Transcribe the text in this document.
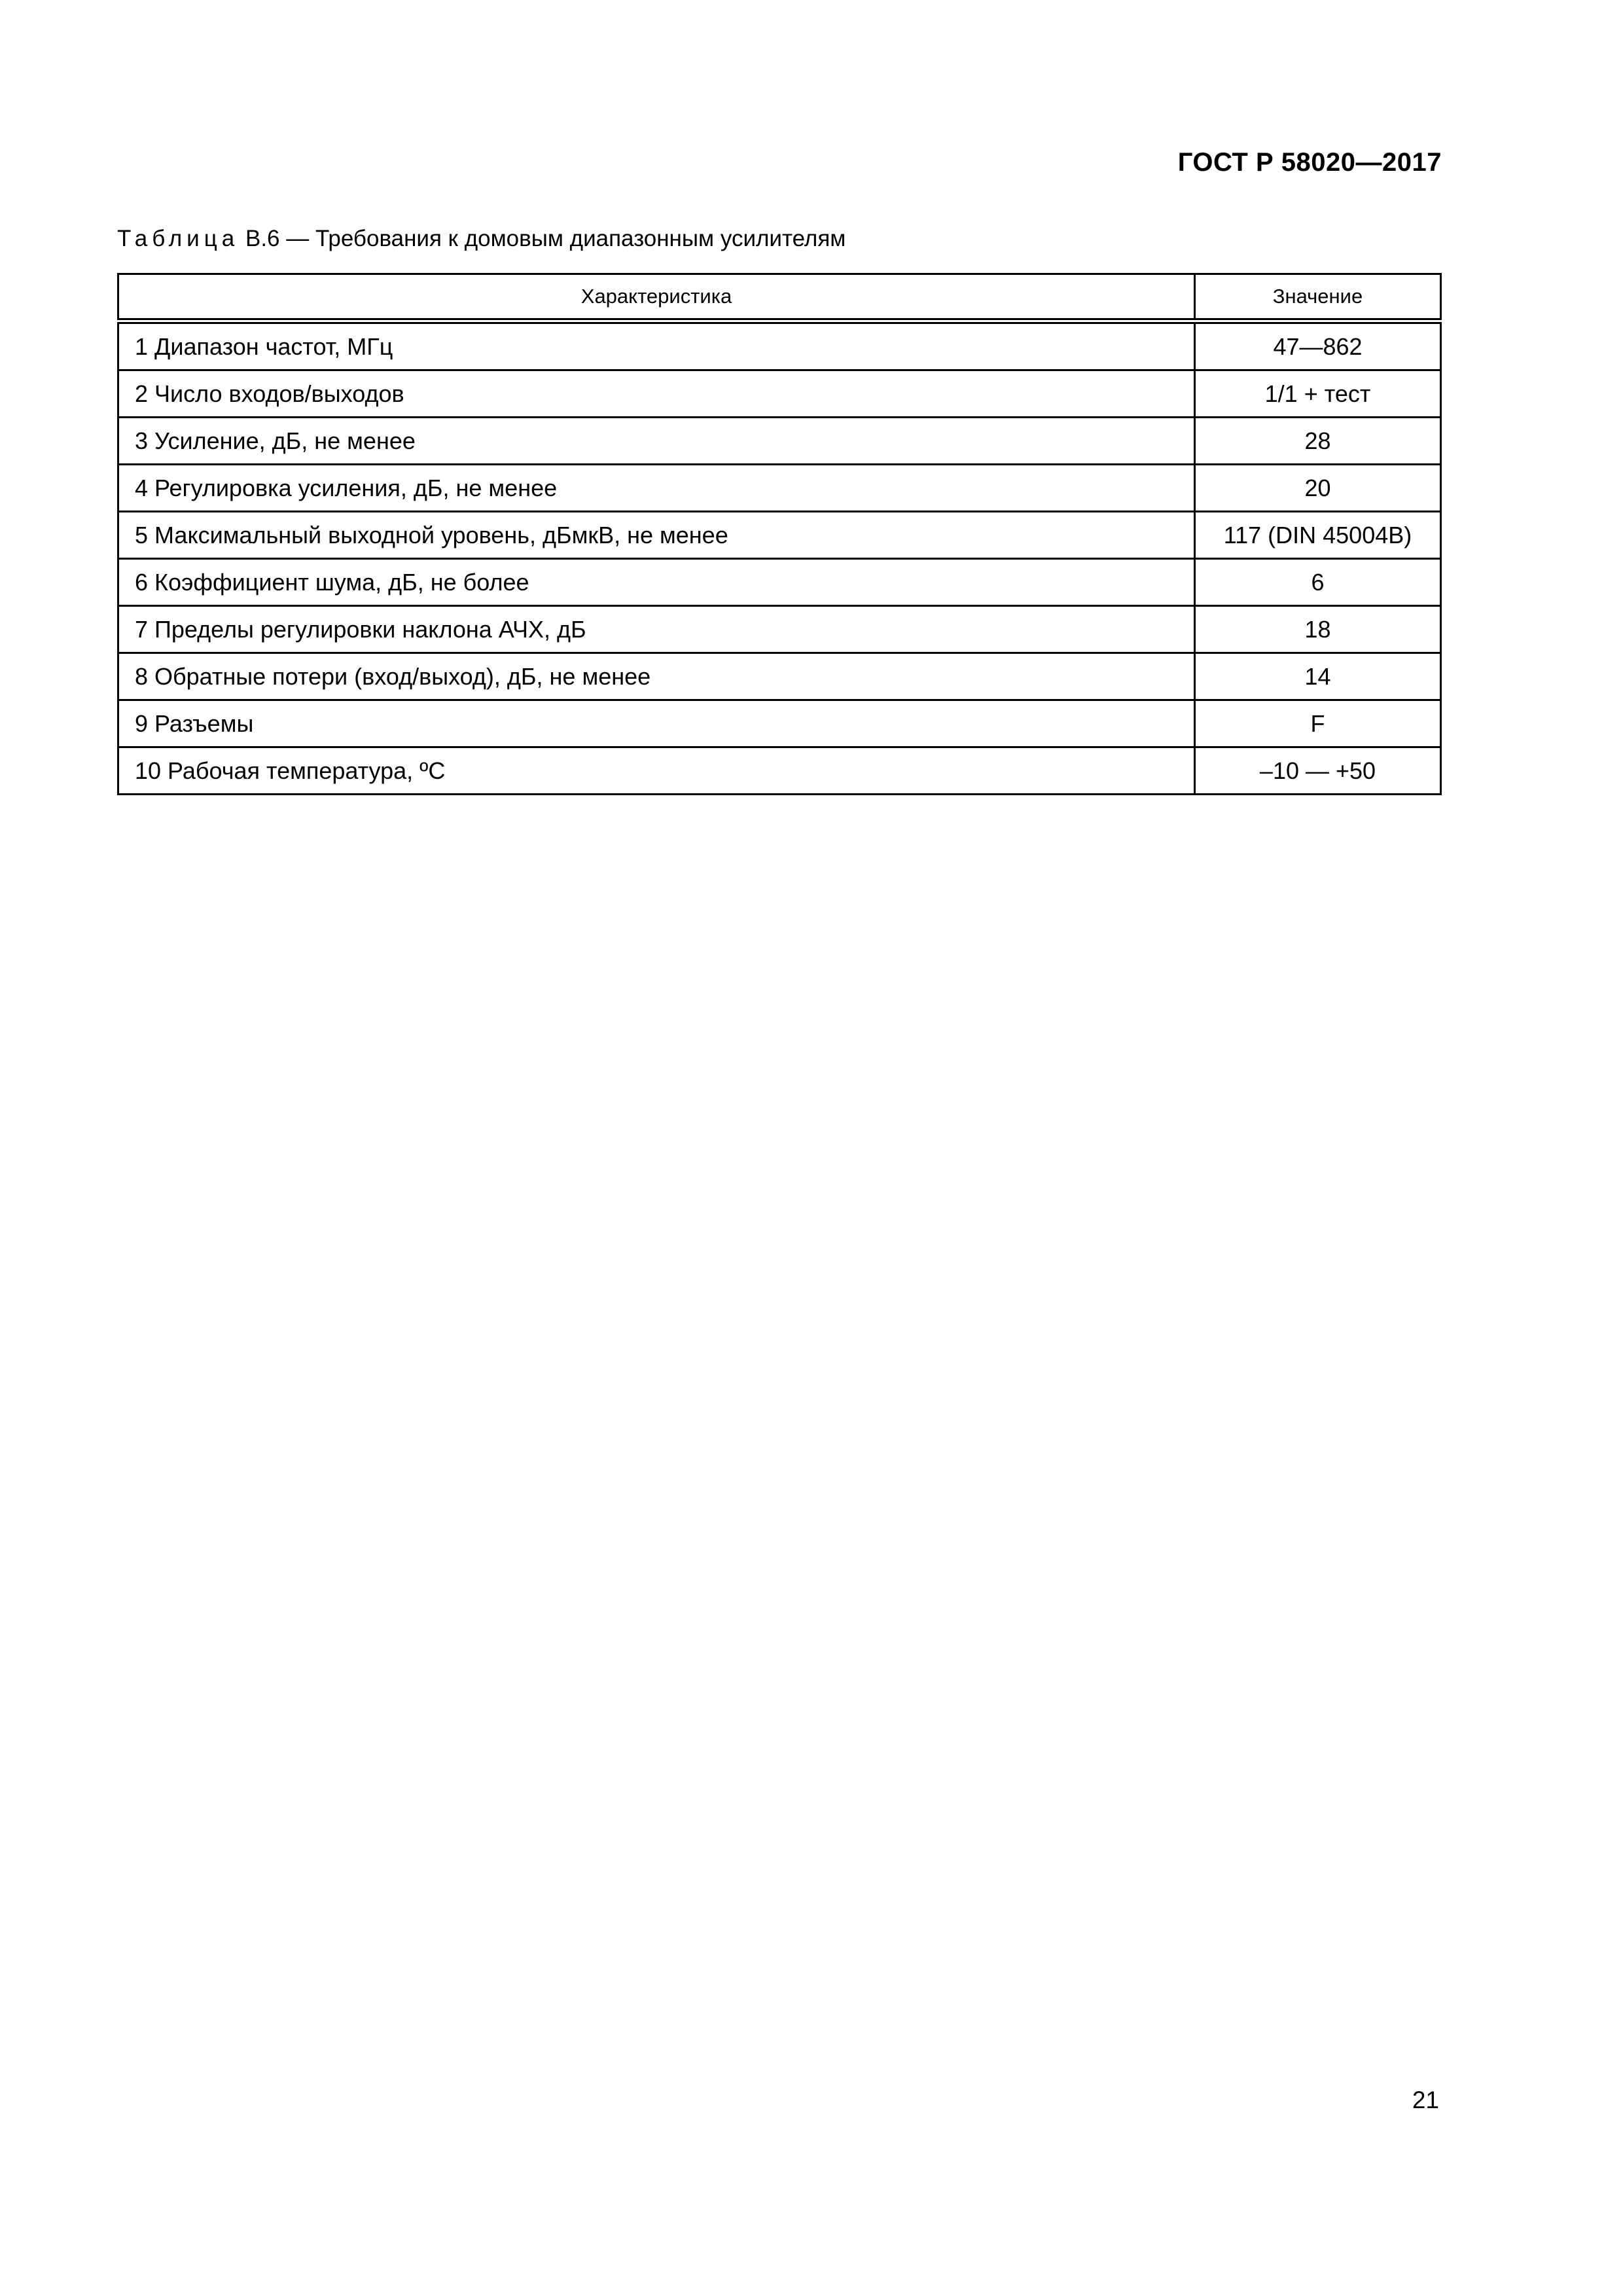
ГОСТ Р 58020—2017
Таблица В.6 — Требования к домовым диапазонным усилителям
Характеристика	Значение
1 Диапазон частот, МГц	47—862
2 Число входов/выходов	1/1 + тест
3 Усиление, дБ, не менее	28
4 Регулировка усиления, дБ, не менее	20
5 Максимальный выходной уровень, дБмкВ, не менее	117 (DIN 45004B)
6 Коэффициент шума, дБ, не более	6
7 Пределы регулировки наклона АЧХ, дБ	18
8 Обратные потери (вход/выход), дБ, не менее	14
9 Разъемы	F
10 Рабочая температура, ºС	–10 — +50
21
